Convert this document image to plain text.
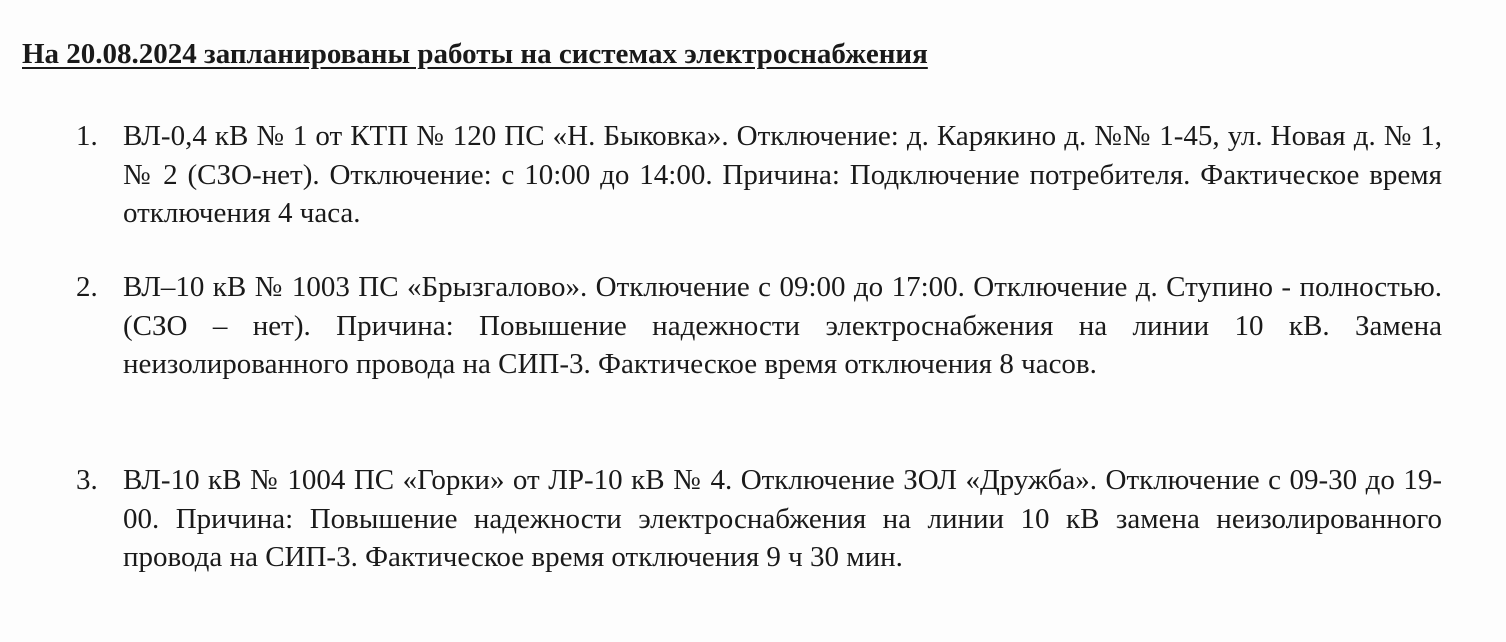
На 20.08.2024 запланированы работы на системах электроснабжения
1. ВЛ-0,4 кВ № 1 от КТП № 120 ПС «Н. Быковка». Отключение: д. Карякино д. №№ 1-45, ул. Новая д. № 1, № 2 (СЗО-нет). Отключение: с 10:00 до 14:00. Причина: Подключение потребителя. Фактическое время отключения 4 часа.
2. ВЛ–10 кВ № 1003 ПС «Брызгалово». Отключение с 09:00 до 17:00. Отключение д. Ступино - полностью. (СЗО – нет). Причина: Повышение надежности электроснабжения на линии 10 кВ. Замена неизолированного провода на СИП-3. Фактическое время отключения 8 часов.
3. ВЛ-10 кВ № 1004 ПС «Горки» от ЛР-10 кВ № 4. Отключение ЗОЛ «Дружба». Отключение с 09-30 до 19-00. Причина: Повышение надежности электроснабжения на линии 10 кВ замена неизолированного провода на СИП-3. Фактическое время отключения 9 ч 30 мин.
